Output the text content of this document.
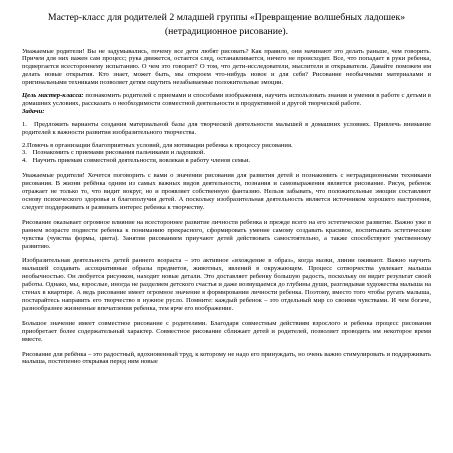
Мастер-класс для родителей 2 младшей группы «Превращение волшебных ладошек»
(нетрадиционное рисование).

Уважаемые родители! Вы не задумывались, почему все дети любят рисовать? Как правило, они начинают это делать раньше, чем говорить. Причем для них важен сам процесс; рука движется, остается след, останавливается, ничего не происходит. Все, что попадает в руки ребенка, подвергается всестороннему испытанию. О чем это говорит? О том, что дети-исследователи, мыслители и открыватели. Давайте поможем им делать новые открытия. Кто знает, может быть, мы откроем что-нибудь новое и для себя? Рисование необычными материалами и оригинальными техниками позволяет детям ощутить незабываемые положительные эмоции.

Цель мастер-класса: познакомить родителей с приемами и способами изображения, научить использовать знания и умения в работе с детьми в домашних условиях, рассказать о необходимости совместной деятельности в продуктивной и другой творческой работе.

Задачи:

1. Предложить варианты создания материальной базы для творческой деятельности малышей в домашних условиях. Привлечь внимание родителей к важности развития изобразительного творчества.
2.Помочь в организации благоприятных условий, для мотивации ребенка к процессу рисования.
3. Познакомить с приемами рисования пальчиками и ладошкой.
4. Научить приемам совместной деятельности, вовлекая в работу членов семьи.

Уважаемые родители! Хочется поговорить с вами о значении рисования для развития детей и познакомить с нетрадиционными техниками рисования. В жизни ребёнка одним из самых важных видов деятельности, познания и самовыражения является рисование. Рисуя, ребенок отражает не только то, что видит вокруг, но и проявляет собственную фантазию. Нельзя забывать, что положительные эмоции составляют основу психического здоровья и благополучия детей. А поскольку изобразительная деятельность является источником хорошего настроения, следует поддерживать и развивать интерес ребенка к творчеству.

Рисование оказывает огромное влияние на всестороннее развитие личности ребенка и прежде всего на его эстетическое развитие. Важно уже в раннем возрасте подвести ребенка к пониманию прекрасного, сформировать умение самому создавать красивое, воспитывать эстетические чувства (чувства формы, цвета). Занятия рисованием приучают детей действовать самостоятельно, а также способствуют умственному развитию.

Изобразительная деятельность детей раннего возраста – это активное «вхождение в образ», когда мазки, линии оживают. Важно научить малышей создавать ассоциативные образы предметов, животных, явлений в окружающем. Процесс сотворчества увлекает малыша необычностью. Он любуется рисунком, находит новые детали. Это доставляет ребенку большую радость, поскольку он видит результат своей работы. Однако, мы, взрослые, иногда не разделяем детского счастья и даже возмущаемся до глубины души, разглядывая художества малыша на стенах в квартире. А ведь рисование имеет огромное значение в формировании личности ребенка. Поэтому, вместо того чтобы ругать малыша, постарайтесь направить его творчество в нужное русло. Помните: каждый ребенок – это отдельный мир со своими чувствами. И чем богаче, разнообразнее жизненные впечатления ребенка, тем ярче его воображение.

Большое значение имеет совместное рисование с родителями. Благодаря совместным действиям взрослого и ребенка процесс рисования приобретает более содержательный характер. Совместное рисование сближает детей и родителей, позволяет проводить им некоторое время вместе.

Рисование для ребёнка – это радостный, вдохновенный труд, к которому не надо его принуждать, но очень важно стимулировать и поддерживать малыша, постепенно открывая перед ним новые
